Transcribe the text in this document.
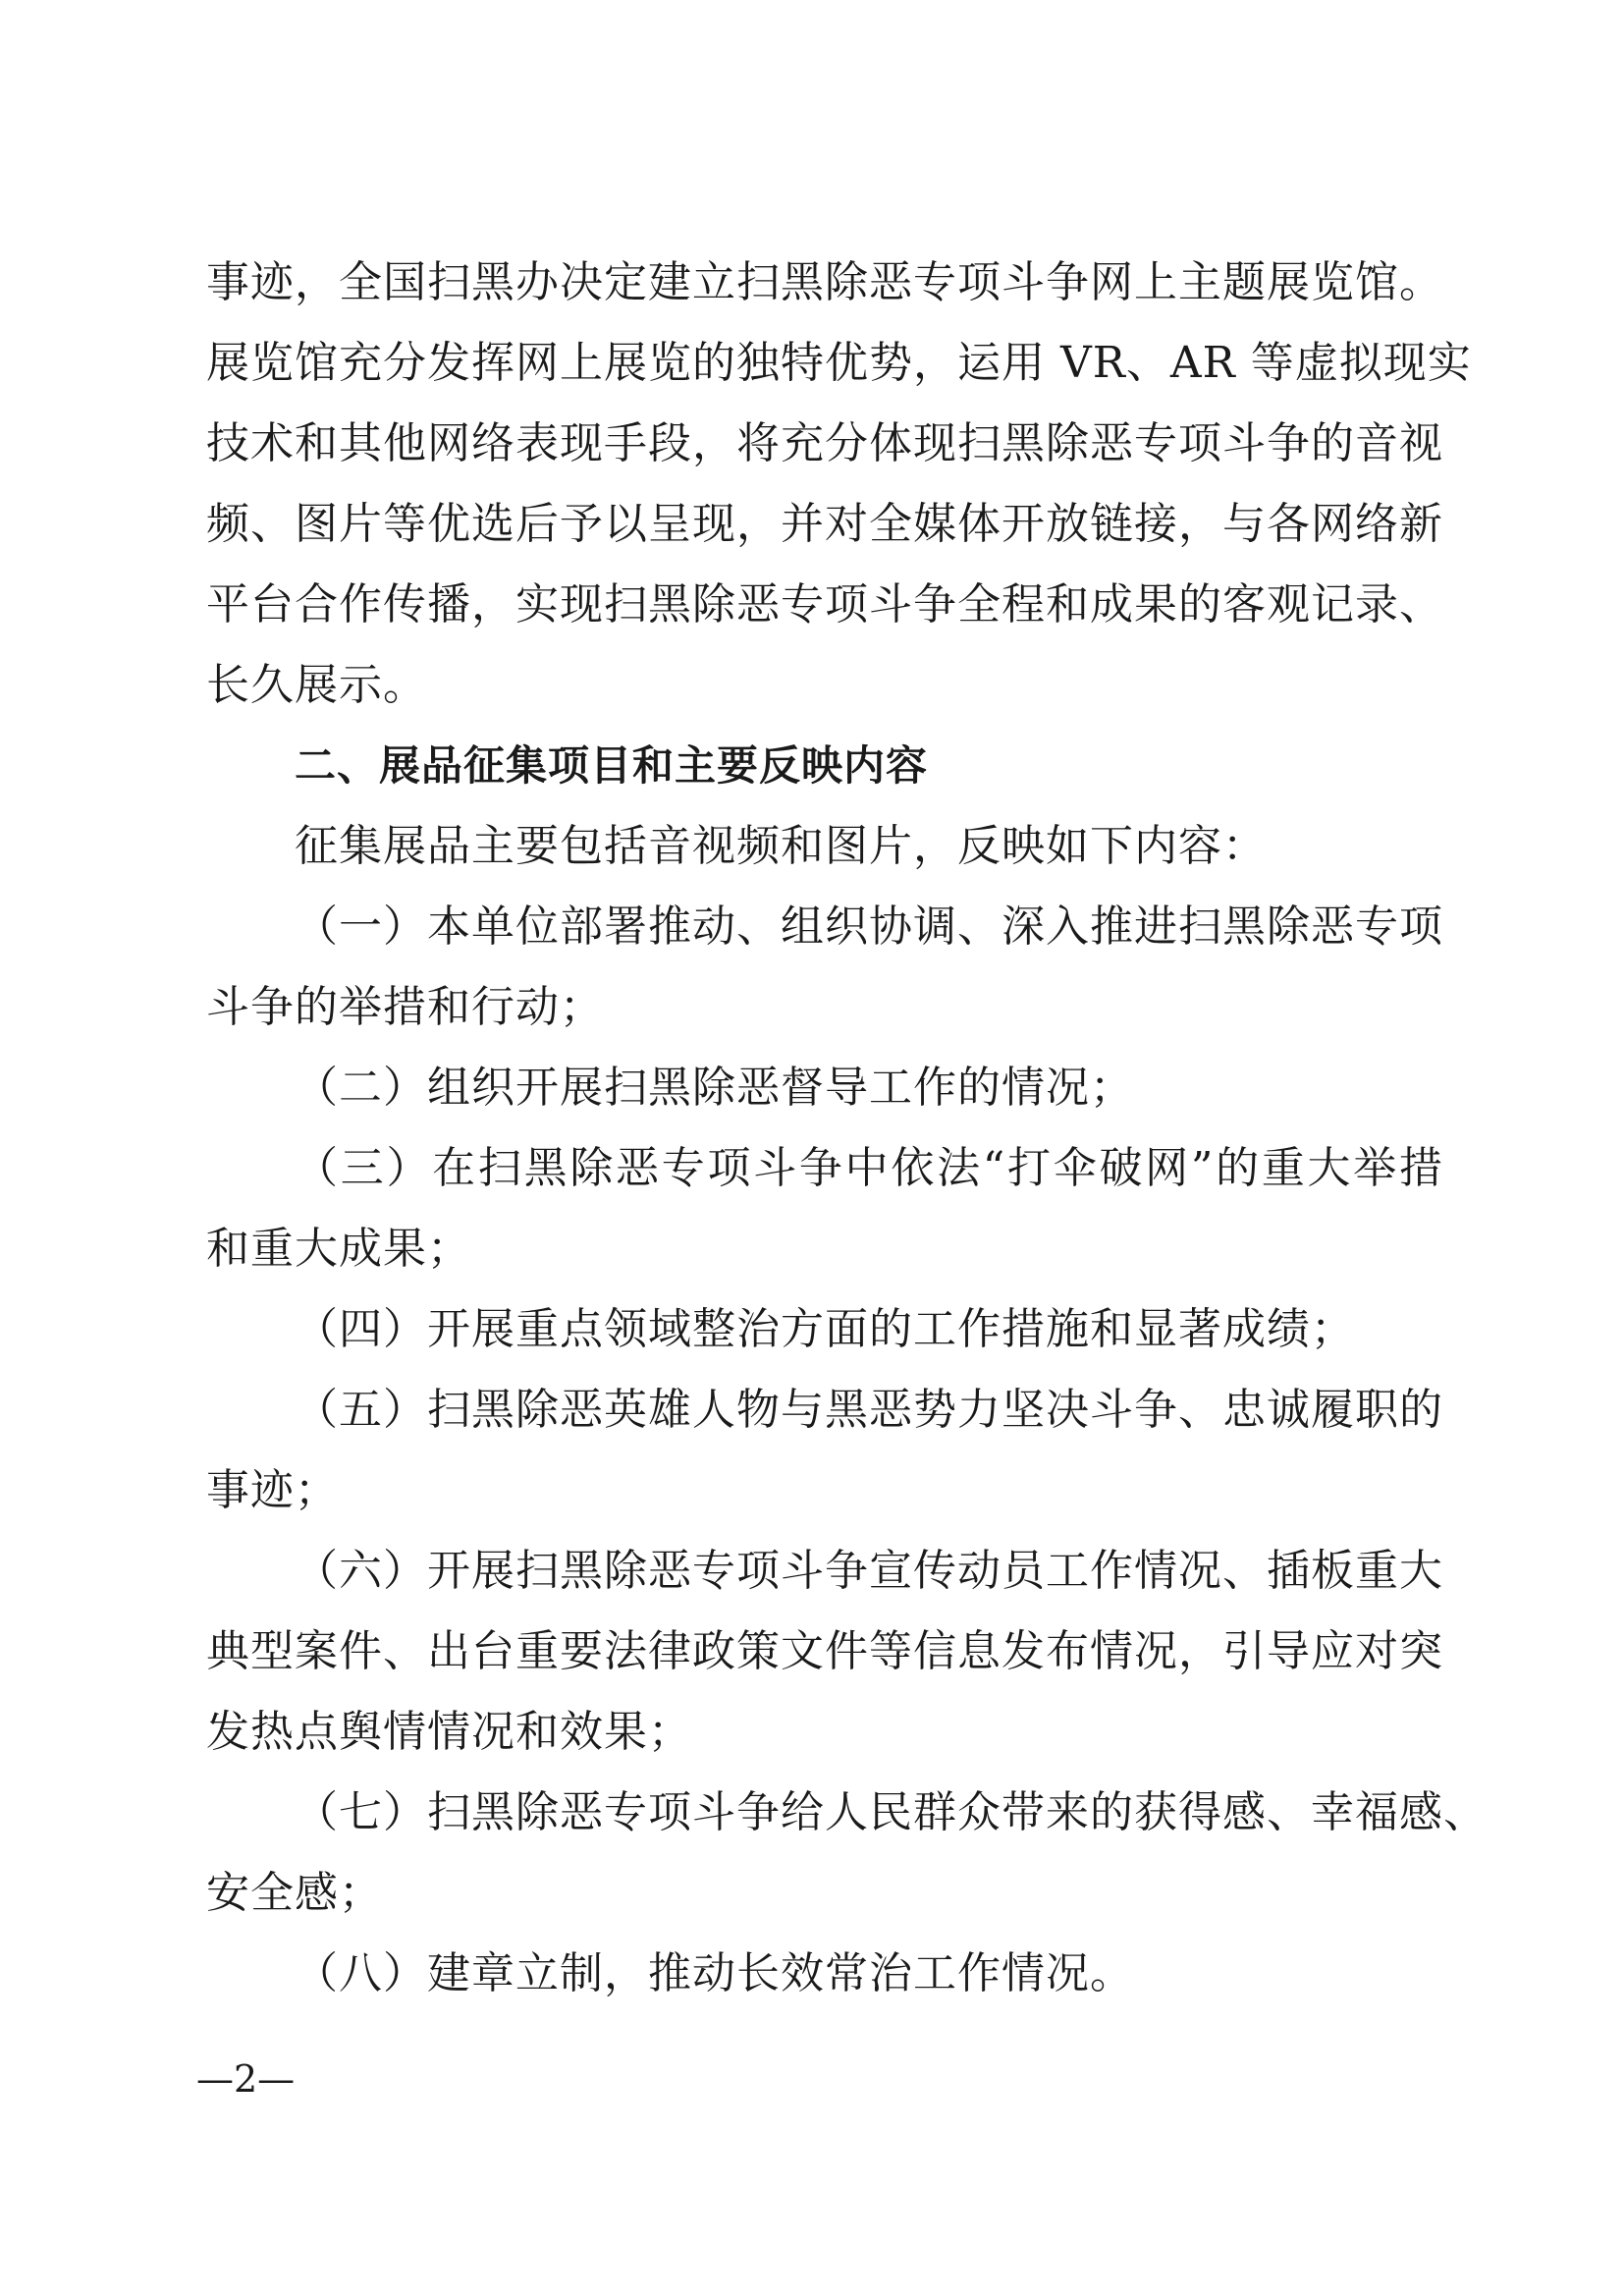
事迹，全国扫黑办决定建立扫黑除恶专项斗争网上主题展览馆。
展览馆充分发挥网上展览的独特优势，运用 VR、AR 等虚拟现实
技术和其他网络表现手段，将充分体现扫黑除恶专项斗争的音视
频、图片等优选后予以呈现，并对全媒体开放链接，与各网络新
平台合作传播，实现扫黑除恶专项斗争全程和成果的客观记录、
长久展示。
二、展品征集项目和主要反映内容
征集展品主要包括音视频和图片，反映如下内容：
（一）本单位部署推动、组织协调、深入推进扫黑除恶专项
斗争的举措和行动；
（二）组织开展扫黑除恶督导工作的情况；
（三）在扫黑除恶专项斗争中依法“打伞破网”的重大举措
和重大成果；
（四）开展重点领域整治方面的工作措施和显著成绩；
（五）扫黑除恶英雄人物与黑恶势力坚决斗争、忠诚履职的
事迹；
（六）开展扫黑除恶专项斗争宣传动员工作情况、插板重大
典型案件、出台重要法律政策文件等信息发布情况，引导应对突
发热点舆情情况和效果；
（七）扫黑除恶专项斗争给人民群众带来的获得感、幸福感、
安全感；
（八）建章立制，推动长效常治工作情况。
—2—
